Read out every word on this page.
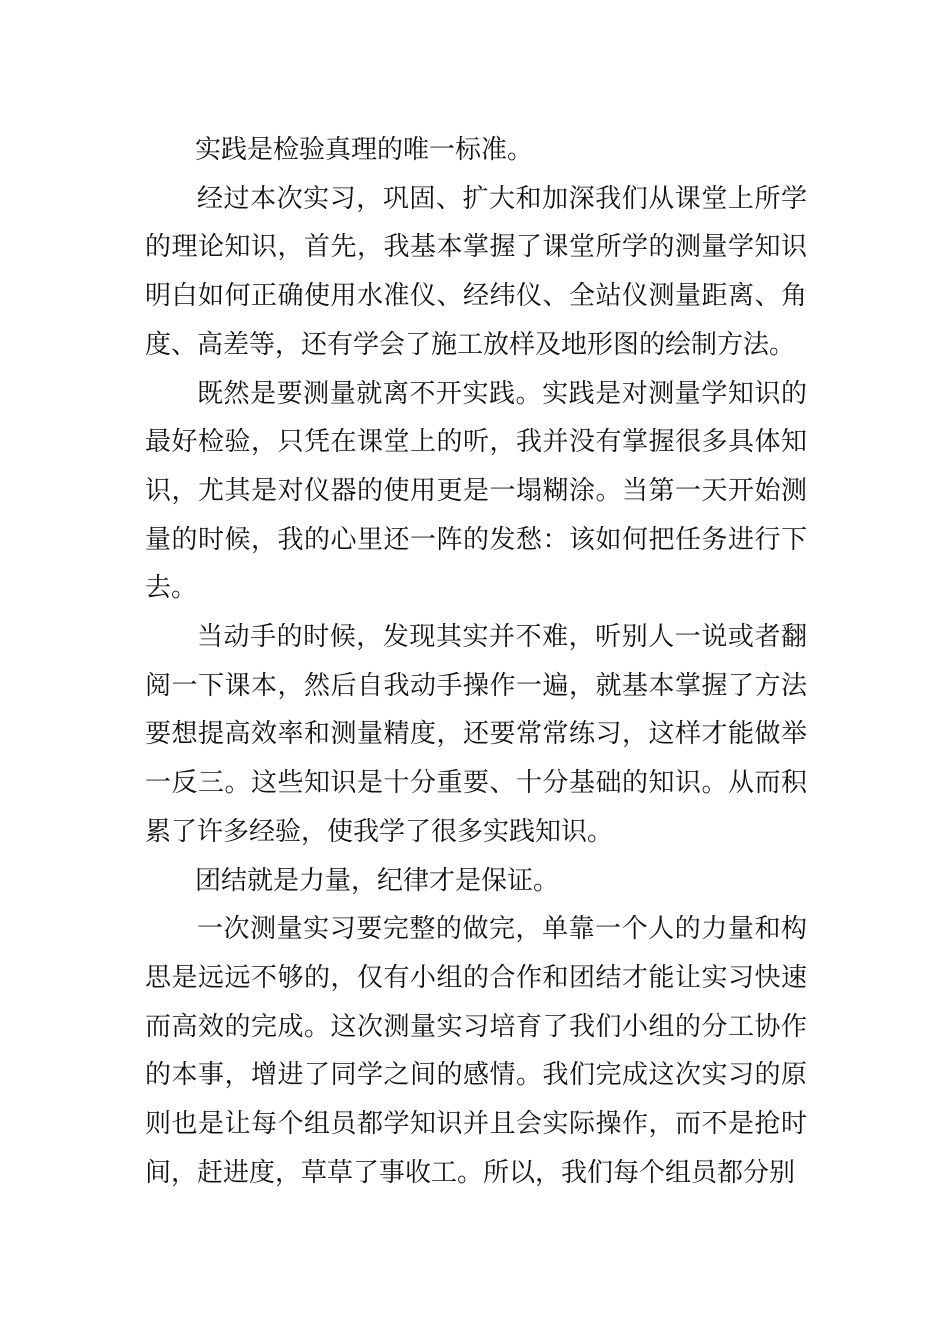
实践是检验真理的唯一标准。

经过本次实习，巩固、扩大和加深我们从课堂上所学的理论知识，首先，我基本掌握了课堂所学的测量学知识明白如何正确使用水准仪、经纬仪、全站仪测量距离、角度、高差等，还有学会了施工放样及地形图的绘制方法。

既然是要测量就离不开实践。实践是对测量学知识的最好检验，只凭在课堂上的听，我并没有掌握很多具体知识，尤其是对仪器的使用更是一塌糊涂。当第一天开始测量的时候，我的心里还一阵的发愁：该如何把任务进行下去。

当动手的时候，发现其实并不难，听别人一说或者翻阅一下课本，然后自我动手操作一遍，就基本掌握了方法要想提高效率和测量精度，还要常常练习，这样才能做举一反三。这些知识是十分重要、十分基础的知识。从而积累了许多经验，使我学了很多实践知识。

团结就是力量，纪律才是保证。

一次测量实习要完整的做完，单靠一个人的力量和构思是远远不够的，仅有小组的合作和团结才能让实习快速而高效的完成。这次测量实习培育了我们小组的分工协作的本事，增进了同学之间的感情。我们完成这次实习的原则也是让每个组员都学知识并且会实际操作，而不是抢时间，赶进度，草草了事收工。所以，我们每个组员都分别
